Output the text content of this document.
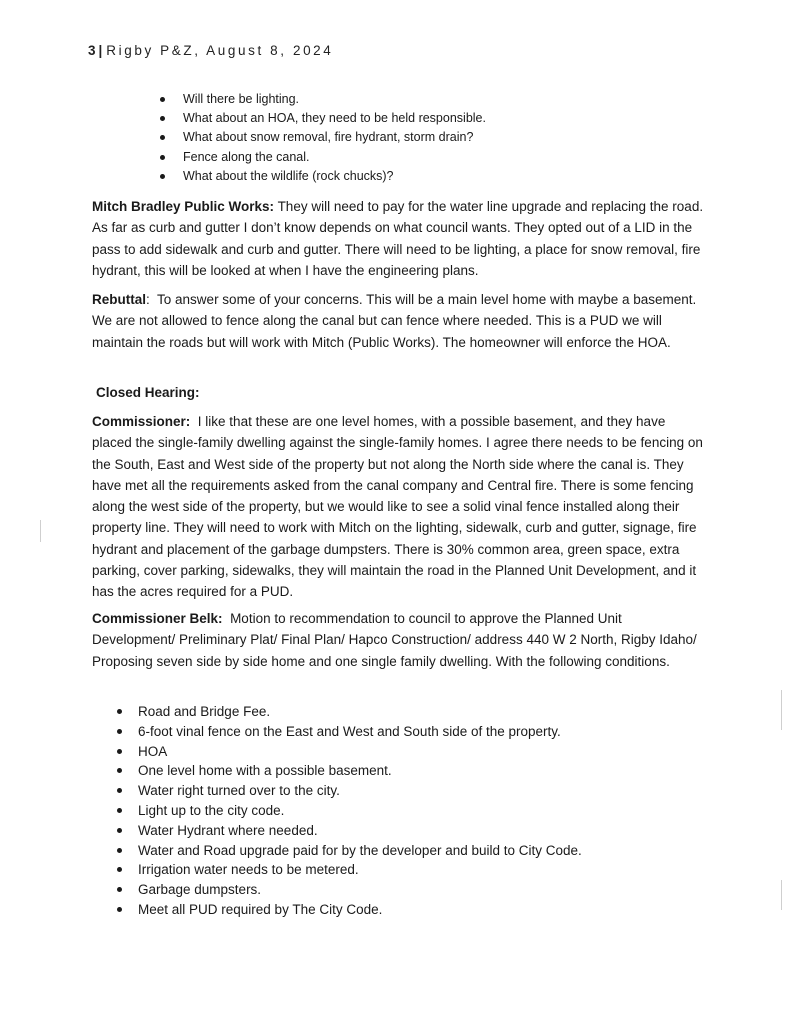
3 | Rigby P&Z, August 8, 2024
Will there be lighting.
What about an HOA, they need to be held responsible.
What about snow removal, fire hydrant, storm drain?
Fence along the canal.
What about the wildlife (rock chucks)?

Mitch Bradley Public Works: They will need to pay for the water line upgrade and replacing the road. As far as curb and gutter I don’t know depends on what council wants. They opted out of a LID in the pass to add sidewalk and curb and gutter. There will need to be lighting, a place for snow removal, fire hydrant, this will be looked at when I have the engineering plans.

Rebuttal: To answer some of your concerns. This will be a main level home with maybe a basement. We are not allowed to fence along the canal but can fence where needed. This is a PUD we will maintain the roads but will work with Mitch (Public Works). The homeowner will enforce the HOA.

Closed Hearing:

Commissioner: I like that these are one level homes, with a possible basement, and they have placed the single-family dwelling against the single-family homes. I agree there needs to be fencing on the South, East and West side of the property but not along the North side where the canal is. They have met all the requirements asked from the canal company and Central fire. There is some fencing along the west side of the property, but we would like to see a solid vinal fence installed along their property line. They will need to work with Mitch on the lighting, sidewalk, curb and gutter, signage, fire hydrant and placement of the garbage dumpsters. There is 30% common area, green space, extra parking, cover parking, sidewalks, they will maintain the road in the Planned Unit Development, and it has the acres required for a PUD.

Commissioner Belk: Motion to recommendation to council to approve the Planned Unit Development/ Preliminary Plat/ Final Plan/ Hapco Construction/ address 440 W 2 North, Rigby Idaho/ Proposing seven side by side home and one single family dwelling. With the following conditions.

Road and Bridge Fee.
6-foot vinal fence on the East and West and South side of the property.
HOA
One level home with a possible basement.
Water right turned over to the city.
Light up to the city code.
Water Hydrant where needed.
Water and Road upgrade paid for by the developer and build to City Code.
Irrigation water needs to be metered.
Garbage dumpsters.
Meet all PUD required by The City Code.
